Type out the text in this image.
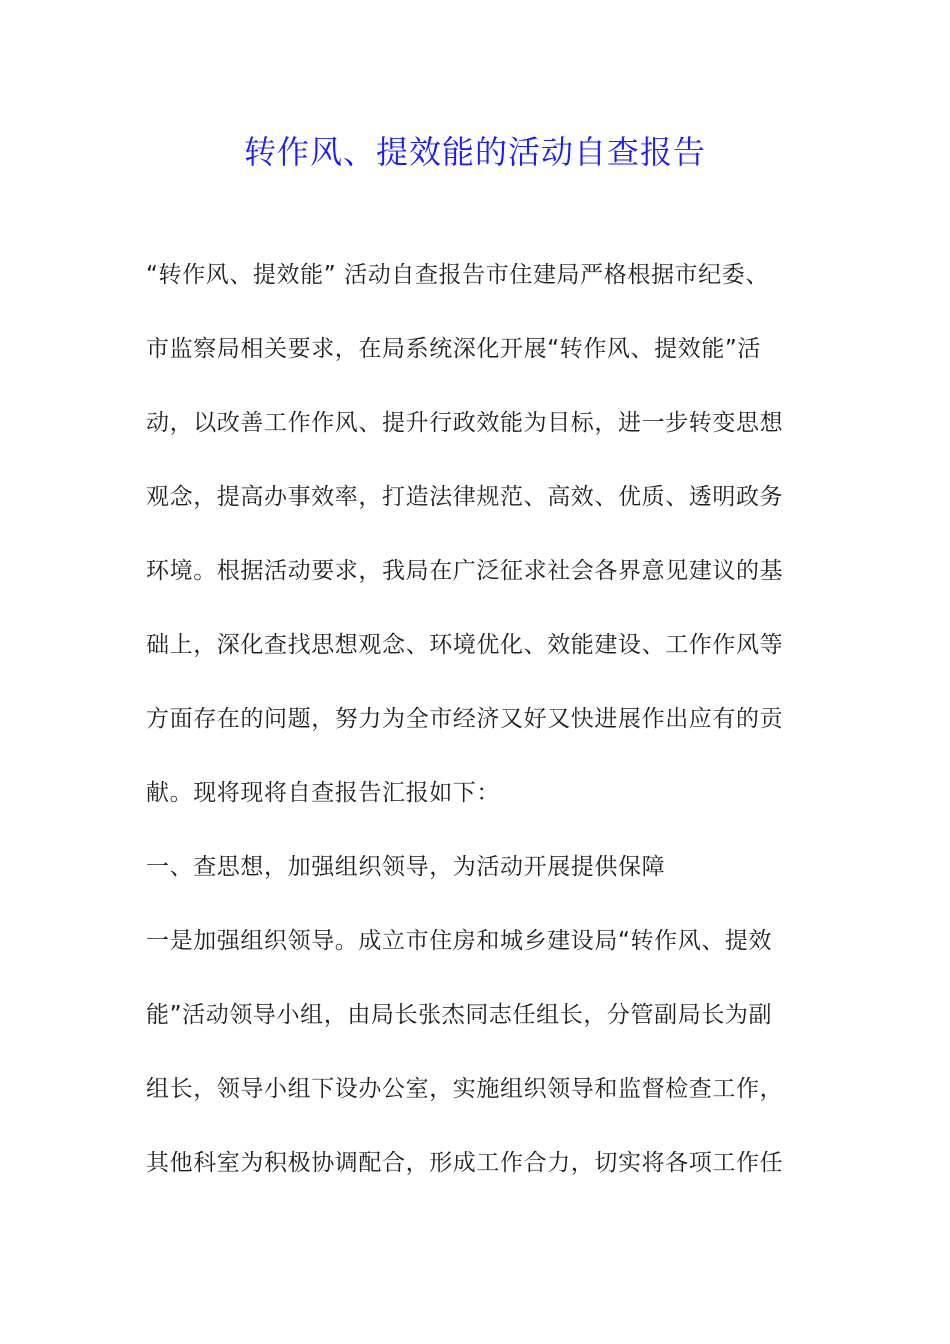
转作风、提效能的活动自查报告
“转作风、提效能” 活动自查报告市住建局严格根据市纪委、
市监察局相关要求，在局系统深化开展“转作风、提效能”活
动，以改善工作作风、提升行政效能为目标，进一步转变思想
观念，提高办事效率，打造法律规范、高效、优质、透明政务
环境。根据活动要求，我局在广泛征求社会各界意见建议的基
础上，深化查找思想观念、环境优化、效能建设、工作作风等
方面存在的问题，努力为全市经济又好又快进展作出应有的贡
献。现将现将自查报告汇报如下：
一、查思想，加强组织领导，为活动开展提供保障
一是加强组织领导。成立市住房和城乡建设局“转作风、提效
能”活动领导小组，由局长张杰同志任组长，分管副局长为副
组长，领导小组下设办公室，实施组织领导和监督检查工作，
其他科室为积极协调配合，形成工作合力，切实将各项工作任
